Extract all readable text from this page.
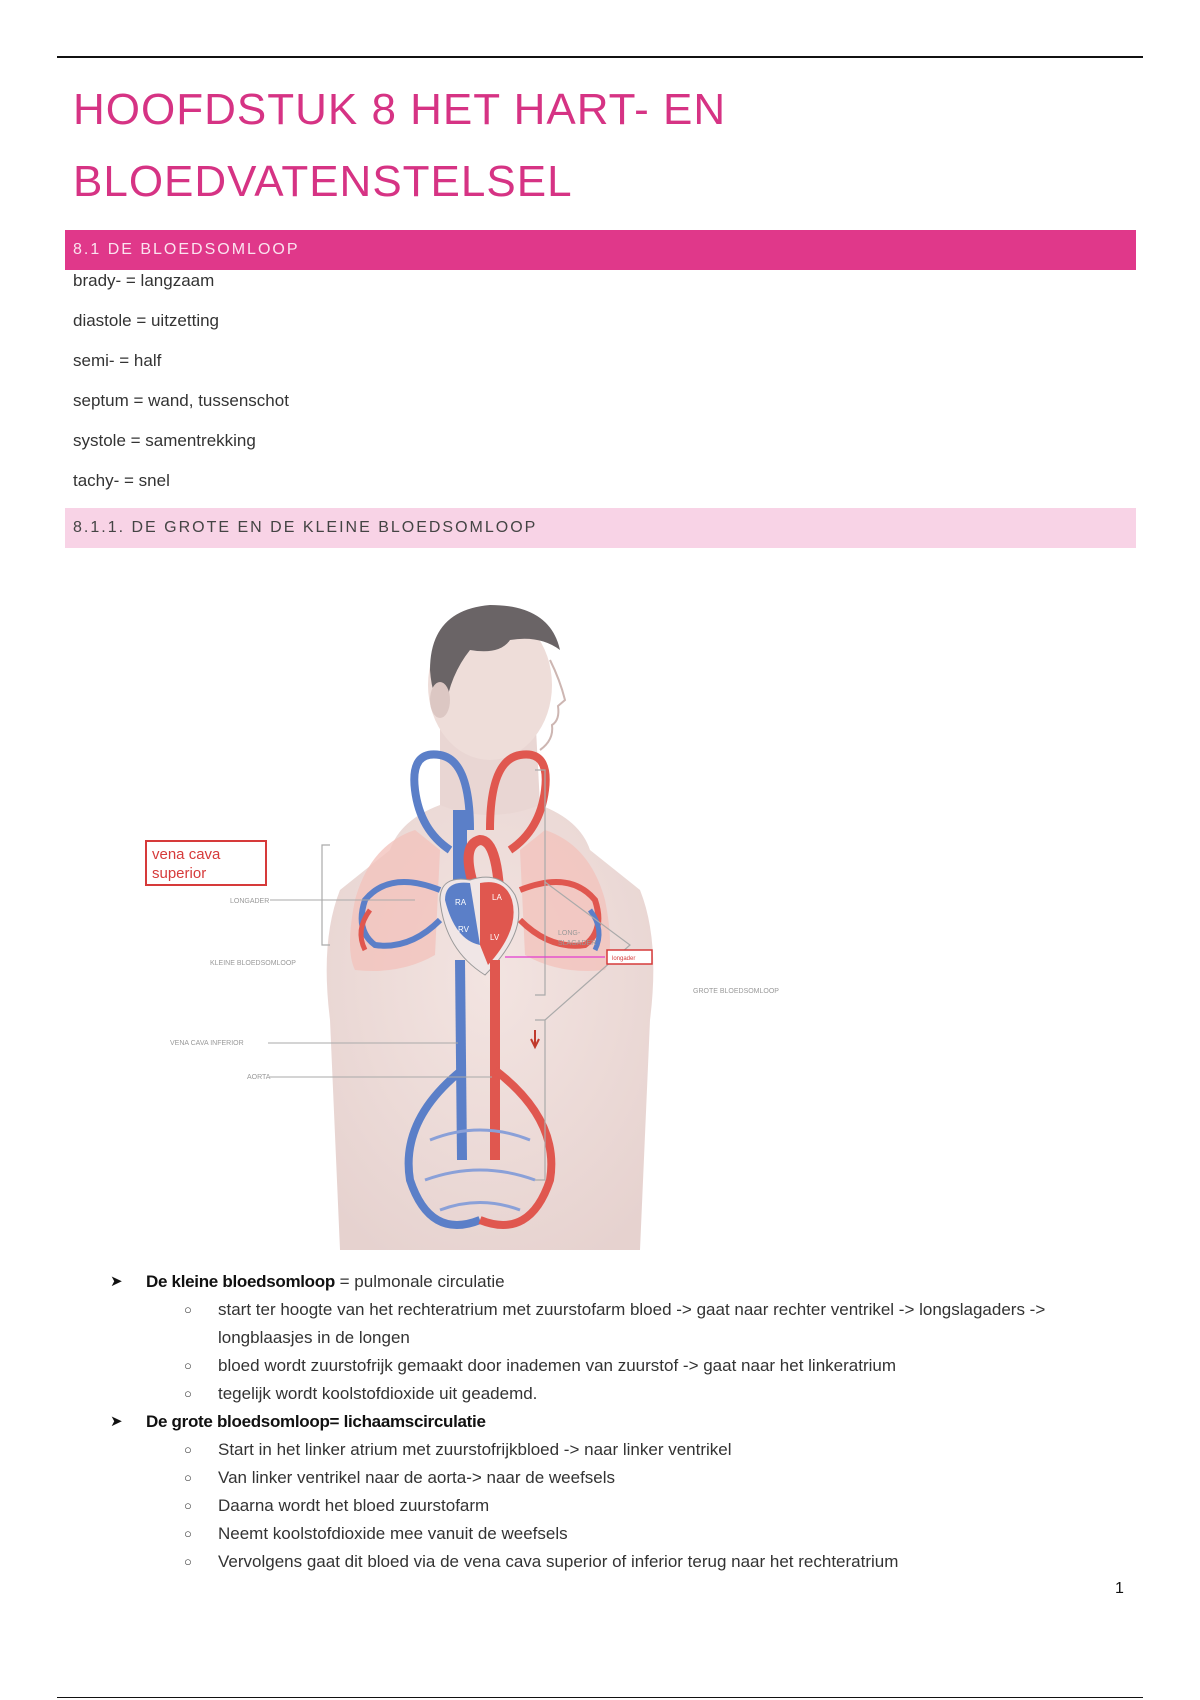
HOOFDSTUK 8 HET HART- EN
BLOEDVATENSTELSEL
8.1 DE BLOEDSOMLOOP
brady- = langzaam
diastole = uitzetting
semi- = half
septum = wand, tussenschot
systole = samentrekking
tachy- = snel
8.1.1. DE GROTE EN DE KLEINE BLOEDSOMLOOP
RA
LA
RV
LV
vena cava
superior
LONGADER
KLEINE BLOEDSOMLOOP
VENA CAVA INFERIOR
AORTA
LONG-
SLAGADER
longader
GROTE BLOEDSOMLOOP
➤ De kleine bloedsomloop = pulmonale circulatie
○ start ter hoogte van het rechteratrium met zuurstofarm bloed -> gaat naar rechter ventrikel -> longslagaders -> longblaasjes in de longen
○ bloed wordt zuurstofrijk gemaakt door inademen van zuurstof -> gaat naar het linkeratrium
○ tegelijk wordt koolstofdioxide uit geademd.
➤ De grote bloedsomloop= lichaamscirculatie
○ Start in het linker atrium met zuurstofrijkbloed -> naar linker ventrikel
○ Van linker ventrikel naar de aorta-> naar de weefsels
○ Daarna wordt het bloed zuurstofarm
○ Neemt koolstofdioxide mee vanuit de weefsels
○ Vervolgens gaat dit bloed via de vena cava superior of inferior terug naar het rechteratrium
1
